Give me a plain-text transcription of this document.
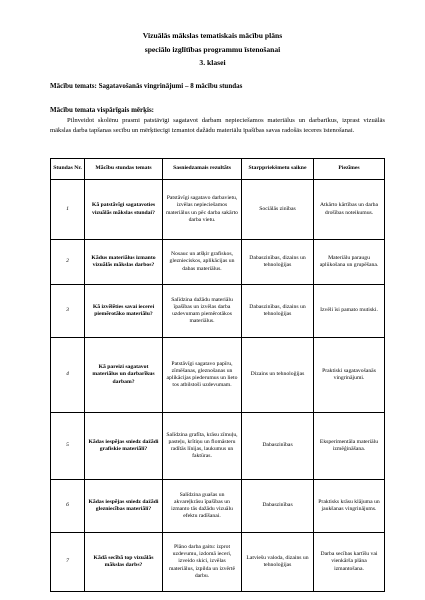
Vizuālās mākslas tematiskais mācību plāns
speciālo izglītības programmu īstenošanai
3. klasei
Mācību temats: Sagatavošanās vingrinājumi – 8 mācību stundas
Mācību temata vispārīgais mērķis:
Pilnveidot skolēnu prasmi patstāvīgi sagatavot darbam nepieciešamos materiālus un darbarīkus, izprast vizuālās mākslas darba tapšanas secību un mērķtiecīgi izmantot dažādu materiālu īpašības savas radošās ieceres īstenošanai.
Stundas Nr.	Mācību stundas temats	Sasniedzamais rezultāts	Starppriekšmetu saikne	Piezīmes
1	Kā patstāvīgi sagatavoties vizuālās mākslas stundai?	Patstāvīgi sagatavo darbavietu, izvēlas nepieciešamos materiālus un pēc darba sakārto darba vietu.	Sociālās zinības	Atkārto kārtības un darba drošības noteikumus.
2	Kādus materiālus izmanto vizuālās mākslas darbos?	Nosauc un atšķir grafiskos, gleznieciskos, aplikācijas un dabas materiālus.	Dabaszinības, dizains un tehnoloģijas	Materiālu paraugu aplūkošana un grupēšana.
3	Kā izvēlēties savai iecerei piemērotāko materiālu?	Salīdzina dažādu materiālu īpašības un izvēlas darba uzdevumam piemērotākos materiālus.	Dabaszinības, dizains un tehnoloģijas	Izvēli īsi pamato mutiski.
4	Kā pareizi sagatavot materiālus un darbarīkus darbam?	Patstāvīgi sagatavo papīru, zīmēšanas, gleznošanas un aplikācijas piederumus un lieto tos atbilstoši uzdevumam.	Dizains un tehnoloģijas	Praktiski sagatavošanās vingrinājumi.
5	Kādas iespējas sniedz dažādi grafiskie materiāli?	Salīdzina grafīta, krāsu zīmuļu, pasteļu, krītiņu un flomāsteru radītās līnijas, laukumus un faktūras.	Dabaszinības	Eksperimentāla materiālu izmēģināšana.
6	Kādas iespējas sniedz dažādi glezniecības materiāli?	Salīdzina guašas un akvareļkrāsu īpašības un izmanto tās dažādu vizuālu efektu radīšanai.	Dabaszinības	Praktisks krāsu klājuma un jaukšanas vingrinājums.
7	Kādā secībā top vizuālās mākslas darbs?	Plāno darba gaitu: izprot uzdevumu, izdomā ieceri, izveido skici, izvēlas materiālus, izpilda un izvērtē darbu.	Latviešu valoda, dizains un tehnoloģijas	Darba secības kartīšu vai vienkārša plāna izmantošana.
